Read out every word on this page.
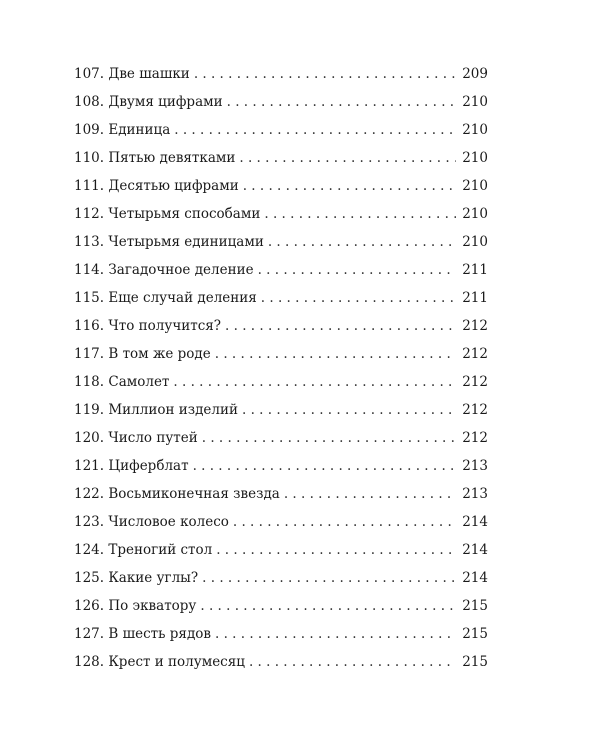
107. Две шашки . . .	209
108. Двумя цифрами . . .	210
109. Единица . . .	210
110. Пятью девятками . . .	210
111. Десятью цифрами . . .	210
112. Четырьмя способами . . .	210
113. Четырьмя единицами . . .	210
114. Загадочное деление . . .	211
115. Еще случай деления . . .	211
116. Что получится? . . .	212
117. В том же роде . . .	212
118. Самолет . . .	212
119. Миллион изделий . . .	212
120. Число путей . . .	212
121. Циферблат . . .	213
122. Восьмиконечная звезда . . .	213
123. Числовое колесо . . .	214
124. Треногий стол . . .	214
125. Какие углы? . . .	214
126. По экватору . . .	215
127. В шесть рядов . . .	215
128. Крест и полумесяц . . .	215
